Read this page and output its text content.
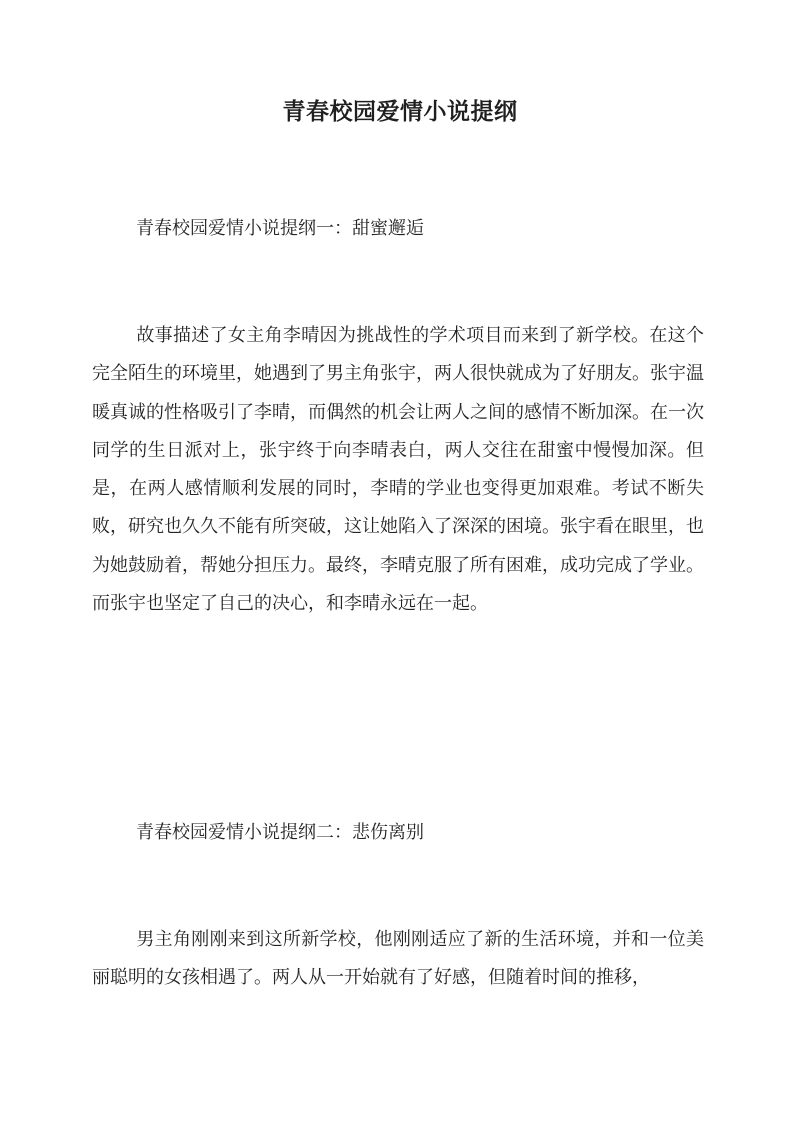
青春校园爱情小说提纲
青春校园爱情小说提纲一：甜蜜邂逅
故事描述了女主角李晴因为挑战性的学术项目而来到了新学校。在这个完全陌生的环境里，她遇到了男主角张宇，两人很快就成为了好朋友。张宇温暖真诚的性格吸引了李晴，而偶然的机会让两人之间的感情不断加深。在一次同学的生日派对上，张宇终于向李晴表白，两人交往在甜蜜中慢慢加深。但是，在两人感情顺利发展的同时，李晴的学业也变得更加艰难。考试不断失败，研究也久久不能有所突破，这让她陷入了深深的困境。张宇看在眼里，也为她鼓励着，帮她分担压力。最终，李晴克服了所有困难，成功完成了学业。而张宇也坚定了自己的决心，和李晴永远在一起。
青春校园爱情小说提纲二：悲伤离别
男主角刚刚来到这所新学校，他刚刚适应了新的生活环境，并和一位美丽聪明的女孩相遇了。两人从一开始就有了好感，但随着时间的推移，
